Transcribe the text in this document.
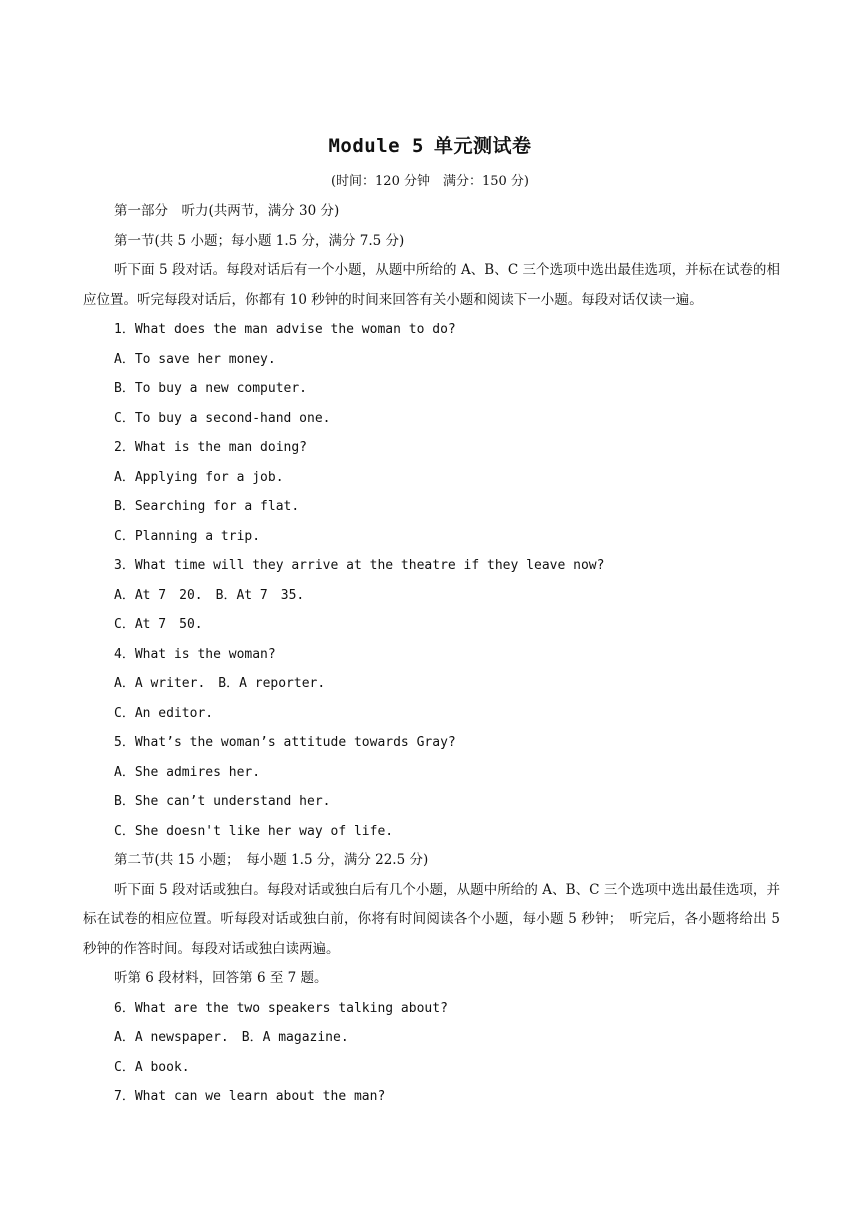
Module 5 单元测试卷
(时间：120 分钟　满分：150 分)

第一部分　听力(共两节，满分 30 分)

第一节(共 5 小题；每小题 1.5 分，满分 7.5 分)

听下面 5 段对话。每段对话后有一个小题，从题中所给的 A、B、C 三个选项中选出最佳选项，并标在试卷的相应位置。听完每段对话后，你都有 10 秒钟的时间来回答有关小题和阅读下一小题。每段对话仅读一遍。

1．What does the man advise the woman to do?

A．To save her money.

B．To buy a new computer.

C．To buy a second-hand one.

2．What is the man doing?

A．Applying for a job.

B．Searching for a flat.

C．Planning a trip.

3．What time will they arrive at the theatre if they leave now?

A．At 7　20.　B．At 7　35.

C．At 7　50.

4．What is the woman?

A．A writer.　B．A reporter.

C．An editor.

5．What’s the woman’s attitude towards Gray?

A．She admires her.

B．She can’t understand her.

C．She doesn't like her way of life.

第二节(共 15 小题；　每小题 1.5 分，满分 22.5 分)

听下面 5 段对话或独白。每段对话或独白后有几个小题，从题中所给的 A、B、C 三个选项中选出最佳选项，并标在试卷的相应位置。听每段对话或独白前，你将有时间阅读各个小题，每小题 5 秒钟；　听完后，各小题将给出 5 秒钟的作答时间。每段对话或独白读两遍。

听第 6 段材料，回答第 6 至 7 题。

6．What are the two speakers talking about?

A．A newspaper.　B．A magazine.

C．A book.

7．What can we learn about the man?
